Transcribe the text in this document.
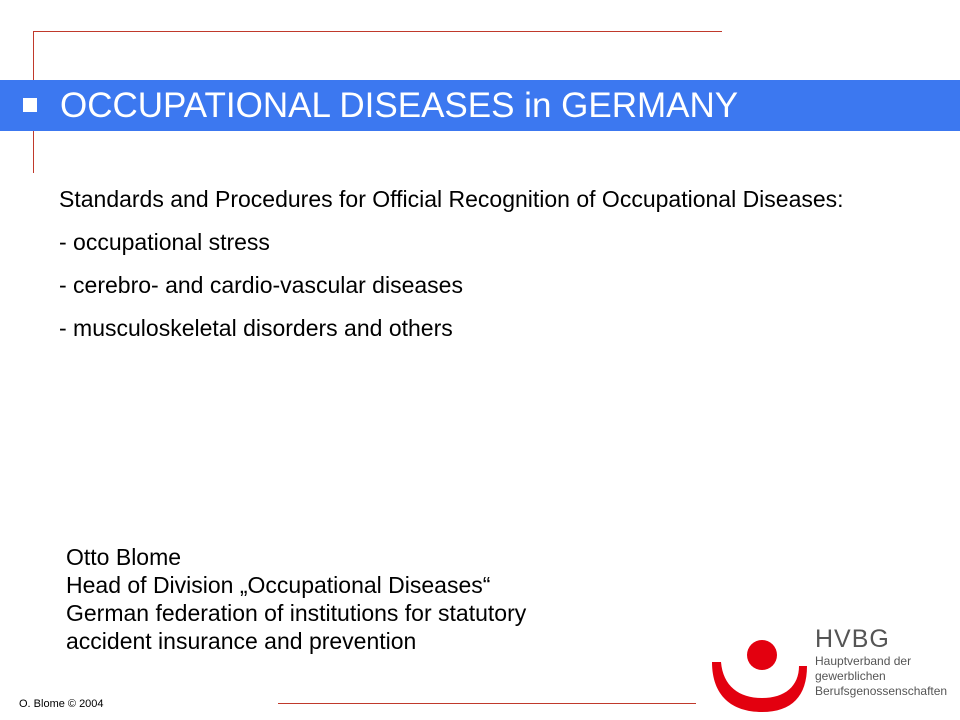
OCCUPATIONAL DISEASES in GERMANY

Standards and Procedures for Official Recognition of Occupational Diseases:

- occupational stress

- cerebro- and cardio-vascular diseases

- musculoskeletal disorders and others

Otto Blome
Head of Division „Occupational Diseases“
German federation of institutions for statutory
accident insurance and prevention
O. Blome © 2004
HVBG
Hauptverband der
gewerblichen
Berufsgenossenschaften
